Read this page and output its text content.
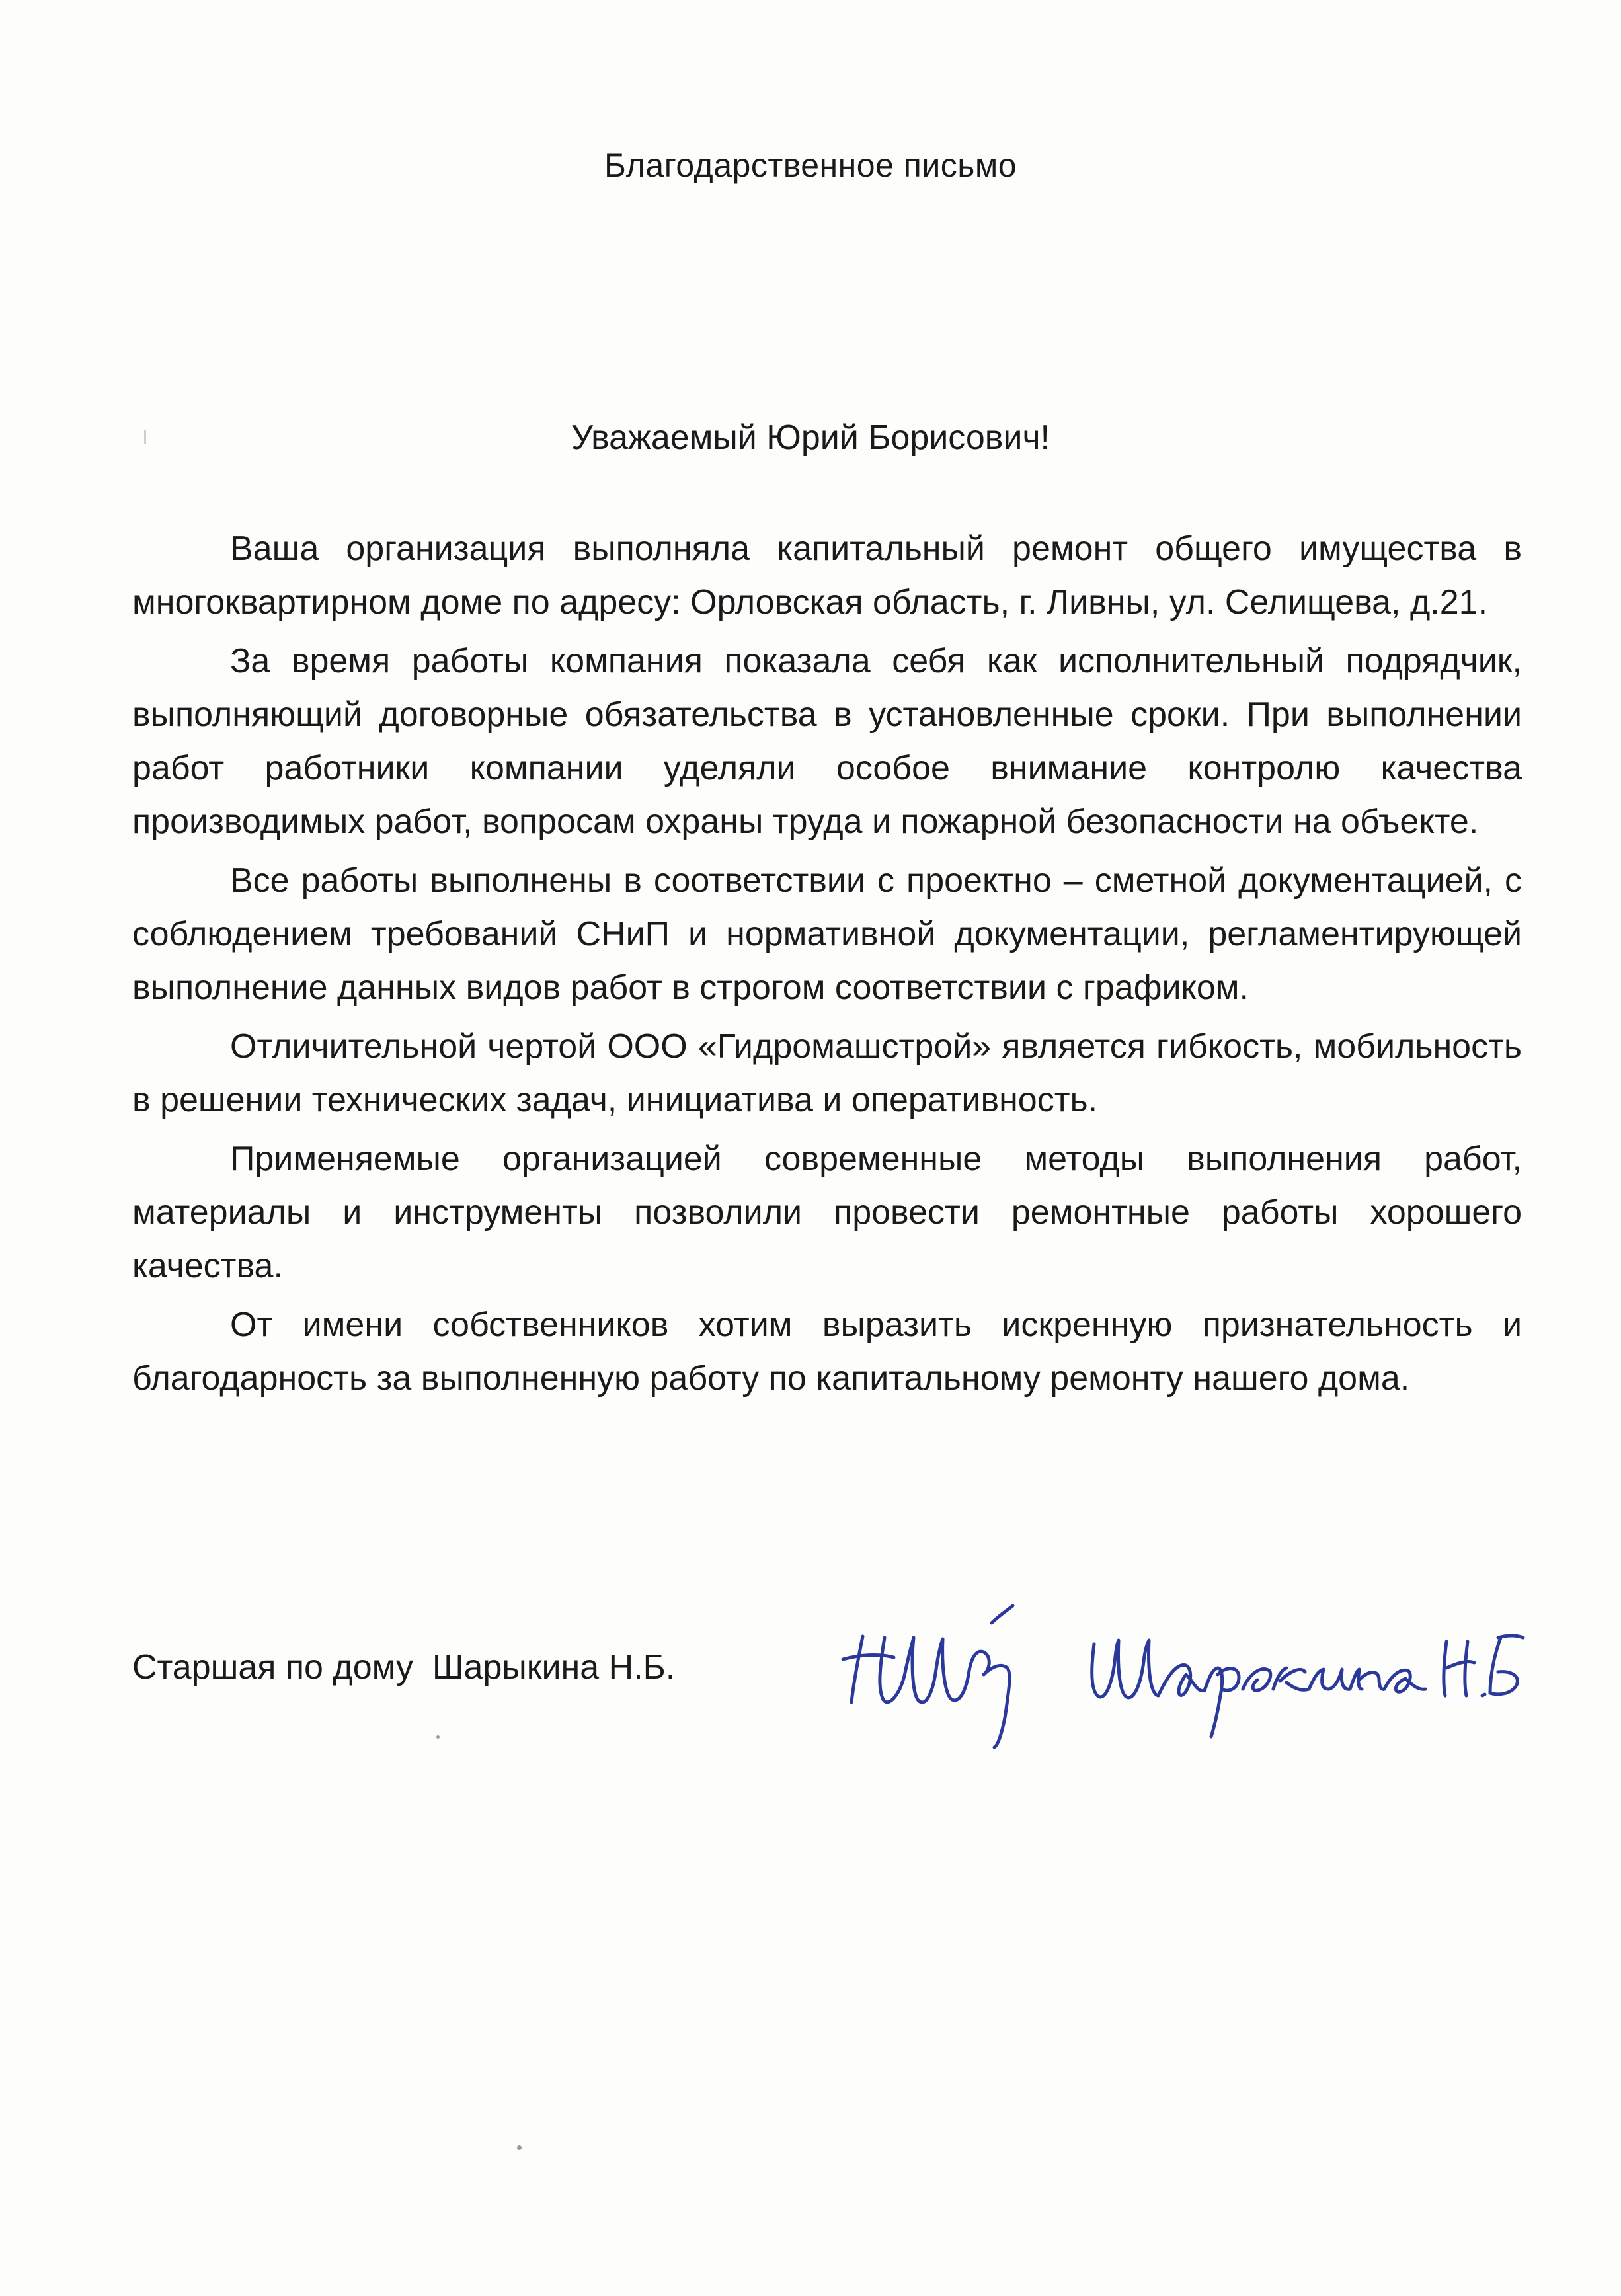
Благодарственное письмо
Уважаемый Юрий Борисович!

Ваша организация выполняла капитальный ремонт общего имущества в многоквартирном доме по адресу: Орловская область, г. Ливны, ул. Селищева, д.21.

За время работы компания показала себя как исполнительный подрядчик, выполняющий договорные обязательства в установленные сроки. При выполнении работ работники компании уделяли особое внимание контролю качества производимых работ, вопросам охраны труда и пожарной безопасности на объекте.

Все работы выполнены в соответствии с проектно – сметной документацией, с соблюдением требований СНиП и нормативной документации, регламентирующей выполнение данных видов работ в строгом соответствии с графиком.

Отличительной чертой ООО «Гидромашстрой» является гибкость, мобильность в решении технических задач, инициатива и оперативность.

Применяемые организацией современные методы выполнения работ, материалы и инструменты позволили провести ремонтные работы хорошего качества.

От имени собственников хотим выразить искренную признательность и благодарность за выполненную работу по капитальному ремонту нашего дома.

Старшая по дому  Шарыкина Н.Б.
